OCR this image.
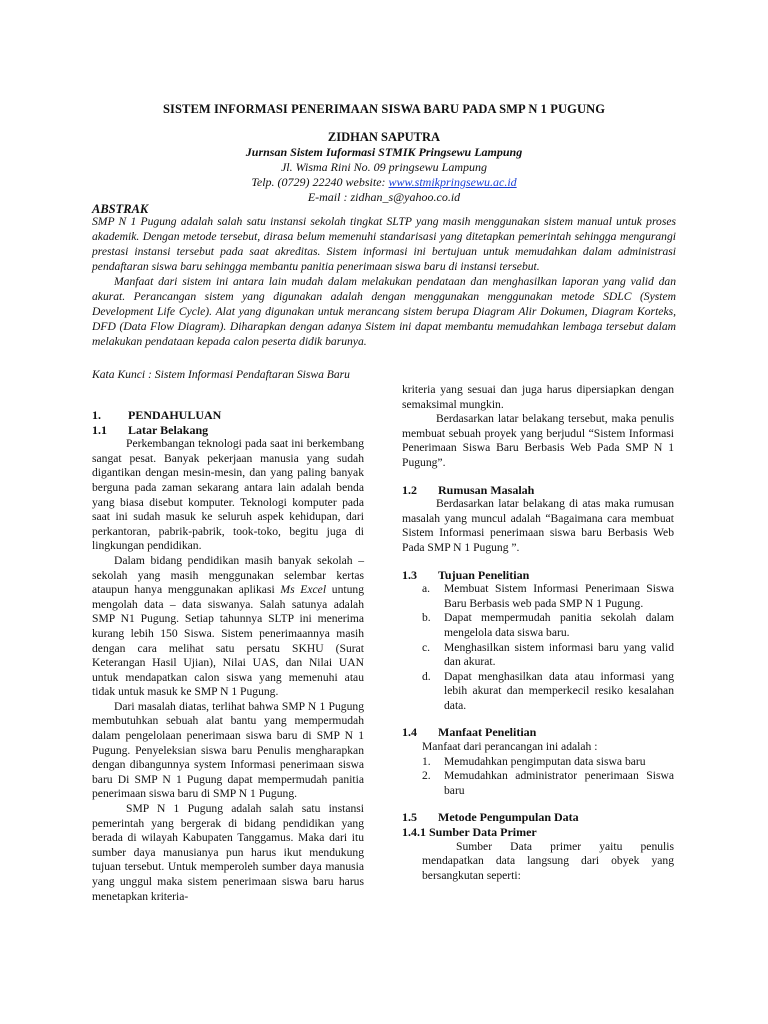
SISTEM INFORMASI PENERIMAAN SISWA BARU PADA SMP N 1 PUGUNG
ZIDHAN SAPUTRA
Jurnsan Sistem Iuformasi STMIK Pringsewu Lampung
Jl. Wisma Rini No. 09 pringsewu Lampung
Telp. (0729) 22240 website: www.stmikpringsewu.ac.id
E-mail : zidhan_s@yahoo.co.id
ABSTRAK

SMP N 1 Pugung adalah salah satu instansi sekolah tingkat SLTP yang masih menggunakan sistem manual untuk proses akademik. Dengan metode tersebut, dirasa belum memenuhi standarisasi yang ditetapkan pemerintah sehingga mengurangi prestasi instansi tersebut pada saat akreditas. Sistem informasi ini bertujuan untuk memudahkan dalam administrasi pendaftaran siswa baru sehingga membantu panitia penerimaan siswa baru di instansi tersebut.

Manfaat dari sistem ini antara lain mudah dalam melakukan pendataan dan menghasilkan laporan yang valid dan akurat. Perancangan sistem yang digunakan adalah dengan menggunakan menggunakan metode SDLC (System Development Life Cycle). Alat yang digunakan untuk merancang sistem berupa Diagram Alir Dokumen, Diagram Korteks, DFD (Data Flow Diagram). Diharapkan dengan adanya Sistem ini dapat membantu memudahkan lembaga tersebut dalam melakukan pendataan kepada calon peserta didik barunya.

Kata Kunci : Sistem Informasi Pendaftaran Siswa Baru
1.	PENDAHULUAN
1.1	Latar Belakang

Perkembangan teknologi pada saat ini berkembang sangat pesat. Banyak pekerjaan manusia yang sudah digantikan dengan mesin-mesin, dan yang paling banyak berguna pada zaman sekarang antara lain adalah benda yang biasa disebut komputer. Teknologi komputer pada saat ini sudah masuk ke seluruh aspek kehidupan, dari perkantoran, pabrik-pabrik, took-toko, begitu juga di lingkungan pendidikan.

Dalam bidang pendidikan masih banyak sekolah – sekolah yang masih menggunakan selembar kertas ataupun hanya menggunakan aplikasi Ms Excel untung mengolah data – data siswanya. Salah satunya adalah SMP N1 Pugung. Setiap tahunnya SLTP ini menerima kurang lebih 150 Siswa. Sistem penerimaannya masih dengan cara melihat satu persatu SKHU (Surat Keterangan Hasil Ujian), Nilai UAS, dan Nilai UAN untuk mendapatkan calon siswa yang memenuhi atau tidak untuk masuk ke SMP N 1 Pugung.

Dari masalah diatas, terlihat bahwa SMP N 1 Pugung membutuhkan sebuah alat bantu yang mempermudah dalam pengelolaan penerimaan siswa baru di SMP N 1 Pugung. Penyeleksian siswa baru Penulis mengharapkan dengan dibangunnya system Informasi penerimaan siswa baru Di SMP N 1 Pugung dapat mempermudah panitia penerimaan siswa baru di SMP N 1 Pugung.

SMP N 1 Pugung adalah salah satu instansi pemerintah yang bergerak di bidang pendidikan yang berada di wilayah Kabupaten Tanggamus. Maka dari itu sumber daya manusianya pun harus ikut mendukung tujuan tersebut. Untuk memperoleh sumber daya manusia yang unggul maka sistem penerimaan siswa baru harus menetapkan kriteria-

kriteria yang sesuai dan juga harus dipersiapkan dengan semaksimal mungkin.

Berdasarkan latar belakang tersebut, maka penulis membuat sebuah proyek yang berjudul “Sistem Informasi Penerimaan Siswa Baru Berbasis Web Pada SMP N 1 Pugung”.

1.2	Rumusan Masalah

Berdasarkan latar belakang di atas maka rumusan masalah yang muncul adalah “Bagaimana cara membuat Sistem Informasi penerimaan siswa baru Berbasis Web Pada SMP N 1 Pugung ”.

1.3	Tujuan Penelitian
a.	Membuat Sistem Informasi Penerimaan Siswa Baru Berbasis web pada SMP N 1 Pugung.
b.	Dapat mempermudah panitia sekolah dalam mengelola data siswa baru.
c.	Menghasilkan sistem informasi baru yang valid dan akurat.
d.	Dapat menghasilkan data atau informasi yang lebih akurat dan memperkecil resiko kesalahan data.
1.4	Manfaat Penelitian

Manfaat dari perancangan ini adalah :

1.	Memudahkan pengimputan data siswa baru
2.	Memudahkan administrator penerimaan Siswa baru
1.5	Metode Pengumpulan Data
1.4.1 Sumber Data Primer

Sumber Data primer yaitu penulis mendapatkan data langsung dari obyek yang bersangkutan seperti:
